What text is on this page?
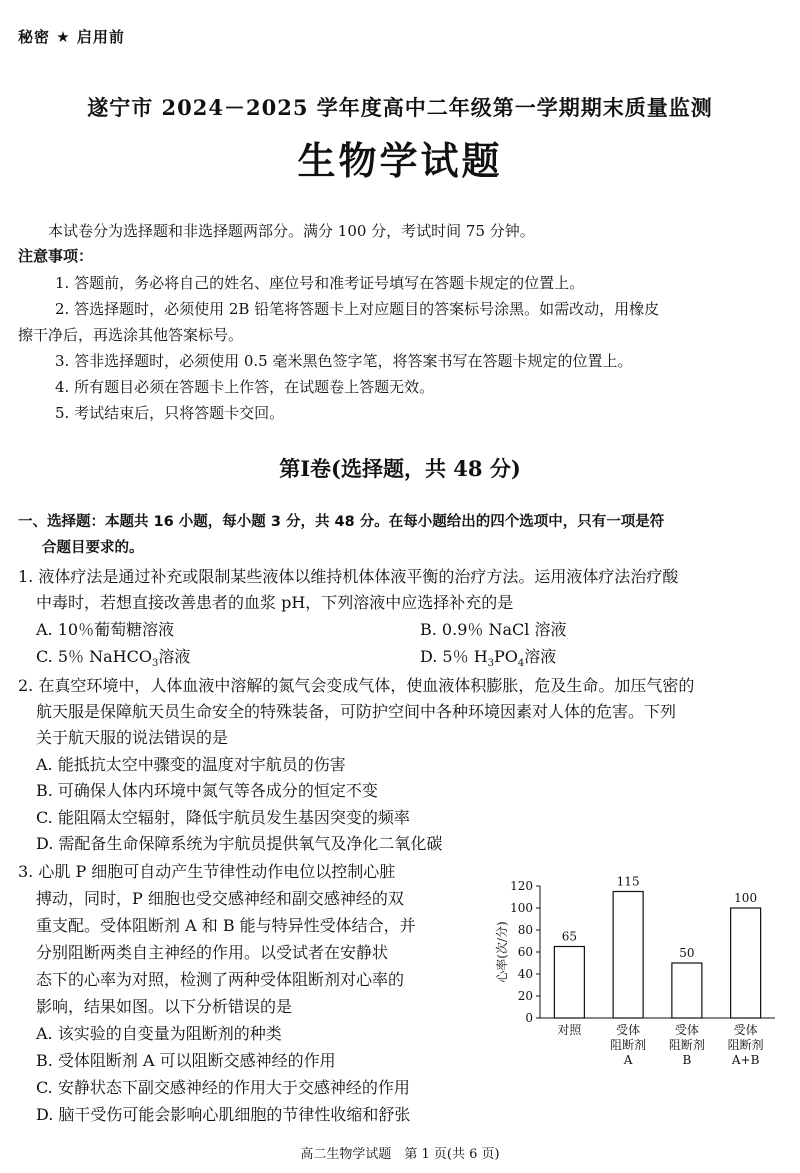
秘密 ★ 启用前
遂宁市 2024－2025 学年度高中二年级第一学期期末质量监测
生物学试题
本试卷分为选择题和非选择题两部分。满分 100 分，考试时间 75 分钟。
注意事项：
1. 答题前，务必将自己的姓名、座位号和准考证号填写在答题卡规定的位置上。
2. 答选择题时，必须使用 2B 铅笔将答题卡上对应题目的答案标号涂黑。如需改动，用橡皮
擦干净后，再选涂其他答案标号。
3. 答非选择题时，必须使用 0.5 毫米黑色签字笔，将答案书写在答题卡规定的位置上。
4. 所有题目必须在答题卡上作答，在试题卷上答题无效。
5. 考试结束后，只将答题卡交回。
第Ⅰ卷(选择题，共 48 分)
一、选择题：本题共 16 小题，每小题 3 分，共 48 分。在每小题给出的四个选项中，只有一项是符
合题目要求的。
1. 液体疗法是通过补充或限制某些液体以维持机体体液平衡的治疗方法。运用液体疗法治疗酸
中毒时，若想直接改善患者的血浆 pH，下列溶液中应选择补充的是
A. 10％葡萄糖溶液	B. 0.9％ NaCl 溶液
C. 5％ NaHCO$_3$溶液	D. 5％ $H_3PO_4$溶液
2. 在真空环境中，人体血液中溶解的氮气会变成气体，使血液体积膨胀，危及生命。加压气密的
航天服是保障航天员生命安全的特殊装备，可防护空间中各种环境因素对人体的危害。下列
关于航天服的说法错误的是
A. 能抵抗太空中骤变的温度对宇航员的伤害
B. 可确保人体内环境中氮气等各成分的恒定不变
C. 能阻隔太空辐射，降低宇航员发生基因突变的频率
D. 需配备生命保障系统为宇航员提供氧气及净化二氧化碳
3. 心肌 P 细胞可自动产生节律性动作电位以控制心脏
搏动，同时，P 细胞也受交感神经和副交感神经的双
重支配。受体阻断剂 A 和 B 能与特异性受体结合，并
分别阻断两类自主神经的作用。以受试者在安静状
态下的心率为对照，检测了两种受体阻断剂对心率的
影响，结果如图。以下分析错误的是
A. 该实验的自变量为阻断剂的种类
B. 受体阻断剂 A 可以阻断交感神经的作用
C. 安静状态下副交感神经的作用大于交感神经的作用
D. 脑干受伤可能会影响心肌细胞的节律性收缩和舒张
0
20
40
60
80
100
120
心率(次/分)	65
对照
115
受体
阻断剂
A
50
受体
阻断剂
B
100
受体
阻断剂
A+B
高二生物学试题　第 1 页(共 6 页)
